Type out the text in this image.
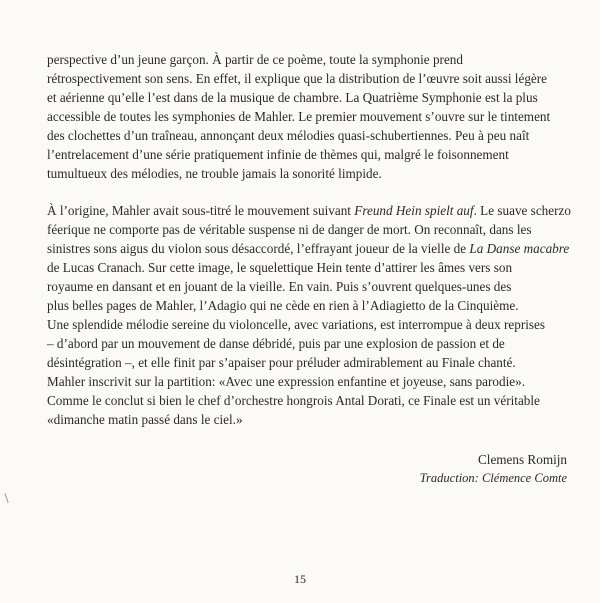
perspective d’un jeune garçon. À partir de ce poème, toute la symphonie prend
rétrospectivement son sens. En effet, il explique que la distribution de l’œuvre soit aussi légère
et aérienne qu’elle l’est dans de la musique de chambre. La Quatrième Symphonie est la plus
accessible de toutes les symphonies de Mahler. Le premier mouvement s’ouvre sur le tintement
des clochettes d’un traîneau, annonçant deux mélodies quasi-schubertiennes. Peu à peu naît
l’entrelacement d’une série pratiquement infinie de thèmes qui, malgré le foisonnement
tumultueux des mélodies, ne trouble jamais la sonorité limpide.

À l’origine, Mahler avait sous-titré le mouvement suivant Freund Hein spielt auf. Le suave scherzo
féerique ne comporte pas de véritable suspense ni de danger de mort. On reconnaît, dans les
sinistres sons aigus du violon sous désaccordé, l’effrayant joueur de la vielle de La Danse macabre
de Lucas Cranach. Sur cette image, le squelettique Hein tente d’attirer les âmes vers son
royaume en dansant et en jouant de la vieille. En vain. Puis s’ouvrent quelques-unes des
plus belles pages de Mahler, l’Adagio qui ne cède en rien à l’Adiagietto de la Cinquième.
Une splendide mélodie sereine du violoncelle, avec variations, est interrompue à deux reprises
– d’abord par un mouvement de danse débridé, puis par une explosion de passion et de
désintégration –, et elle finit par s’apaiser pour préluder admirablement au Finale chanté.
Mahler inscrivit sur la partition: «Avec une expression enfantine et joyeuse, sans parodie».
Comme le conclut si bien le chef d’orchestre hongrois Antal Dorati, ce Finale est un véritable
«dimanche matin passé dans le ciel.»

Clemens Romijn
Traduction: Clémence Comte
15
